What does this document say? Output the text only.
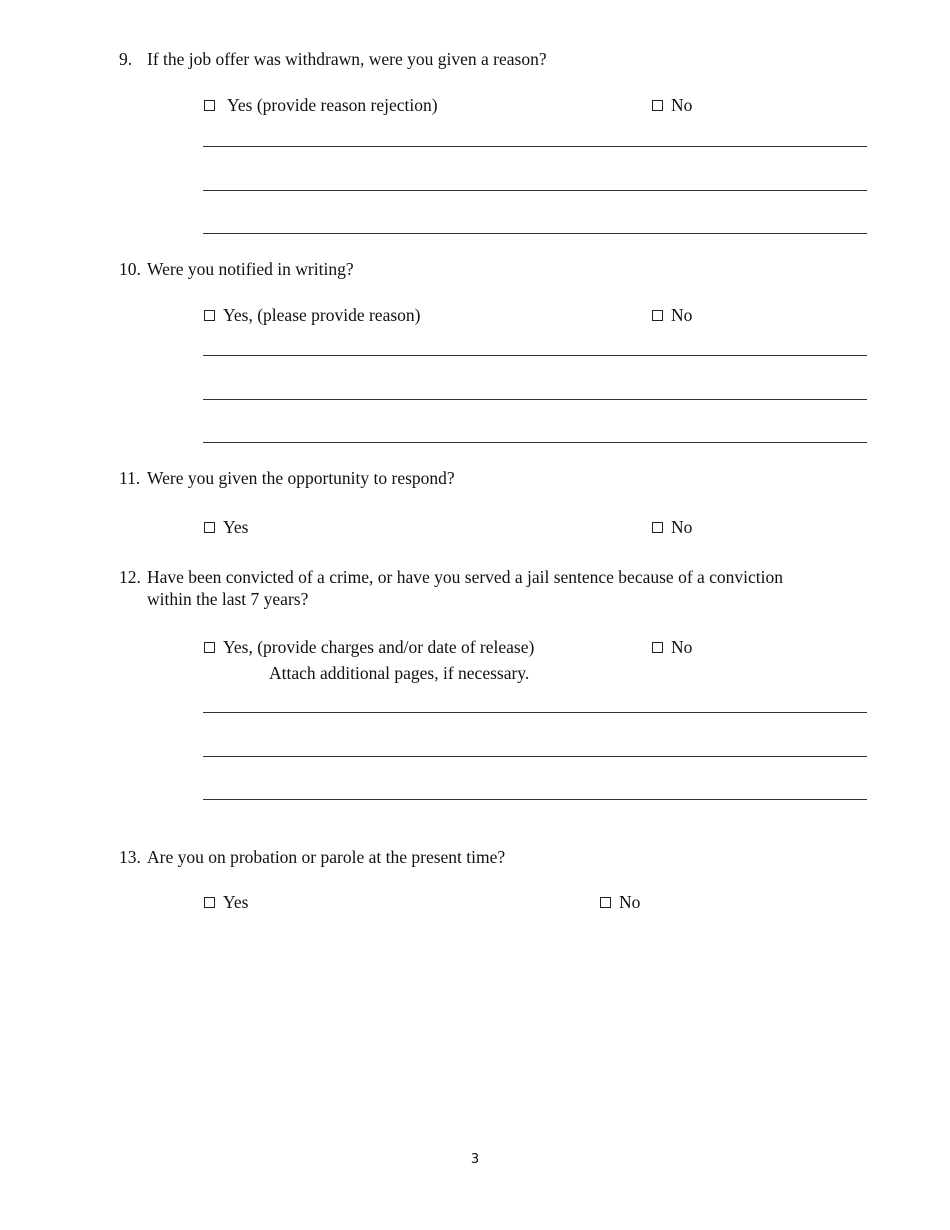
9. If the job offer was withdrawn, were you given a reason?
Yes (provide reason rejection)	No
10. Were you notified in writing?
Yes, (please provide reason)	No
11. Were you given the opportunity to respond?
Yes	No
12. Have been convicted of a crime, or have you served a jail sentence because of a conviction
within the last 7 years?
Yes, (provide charges and/or date of release)
Attach additional pages, if necessary.
No
13. Are you on probation or parole at the present time?
Yes	No
3
